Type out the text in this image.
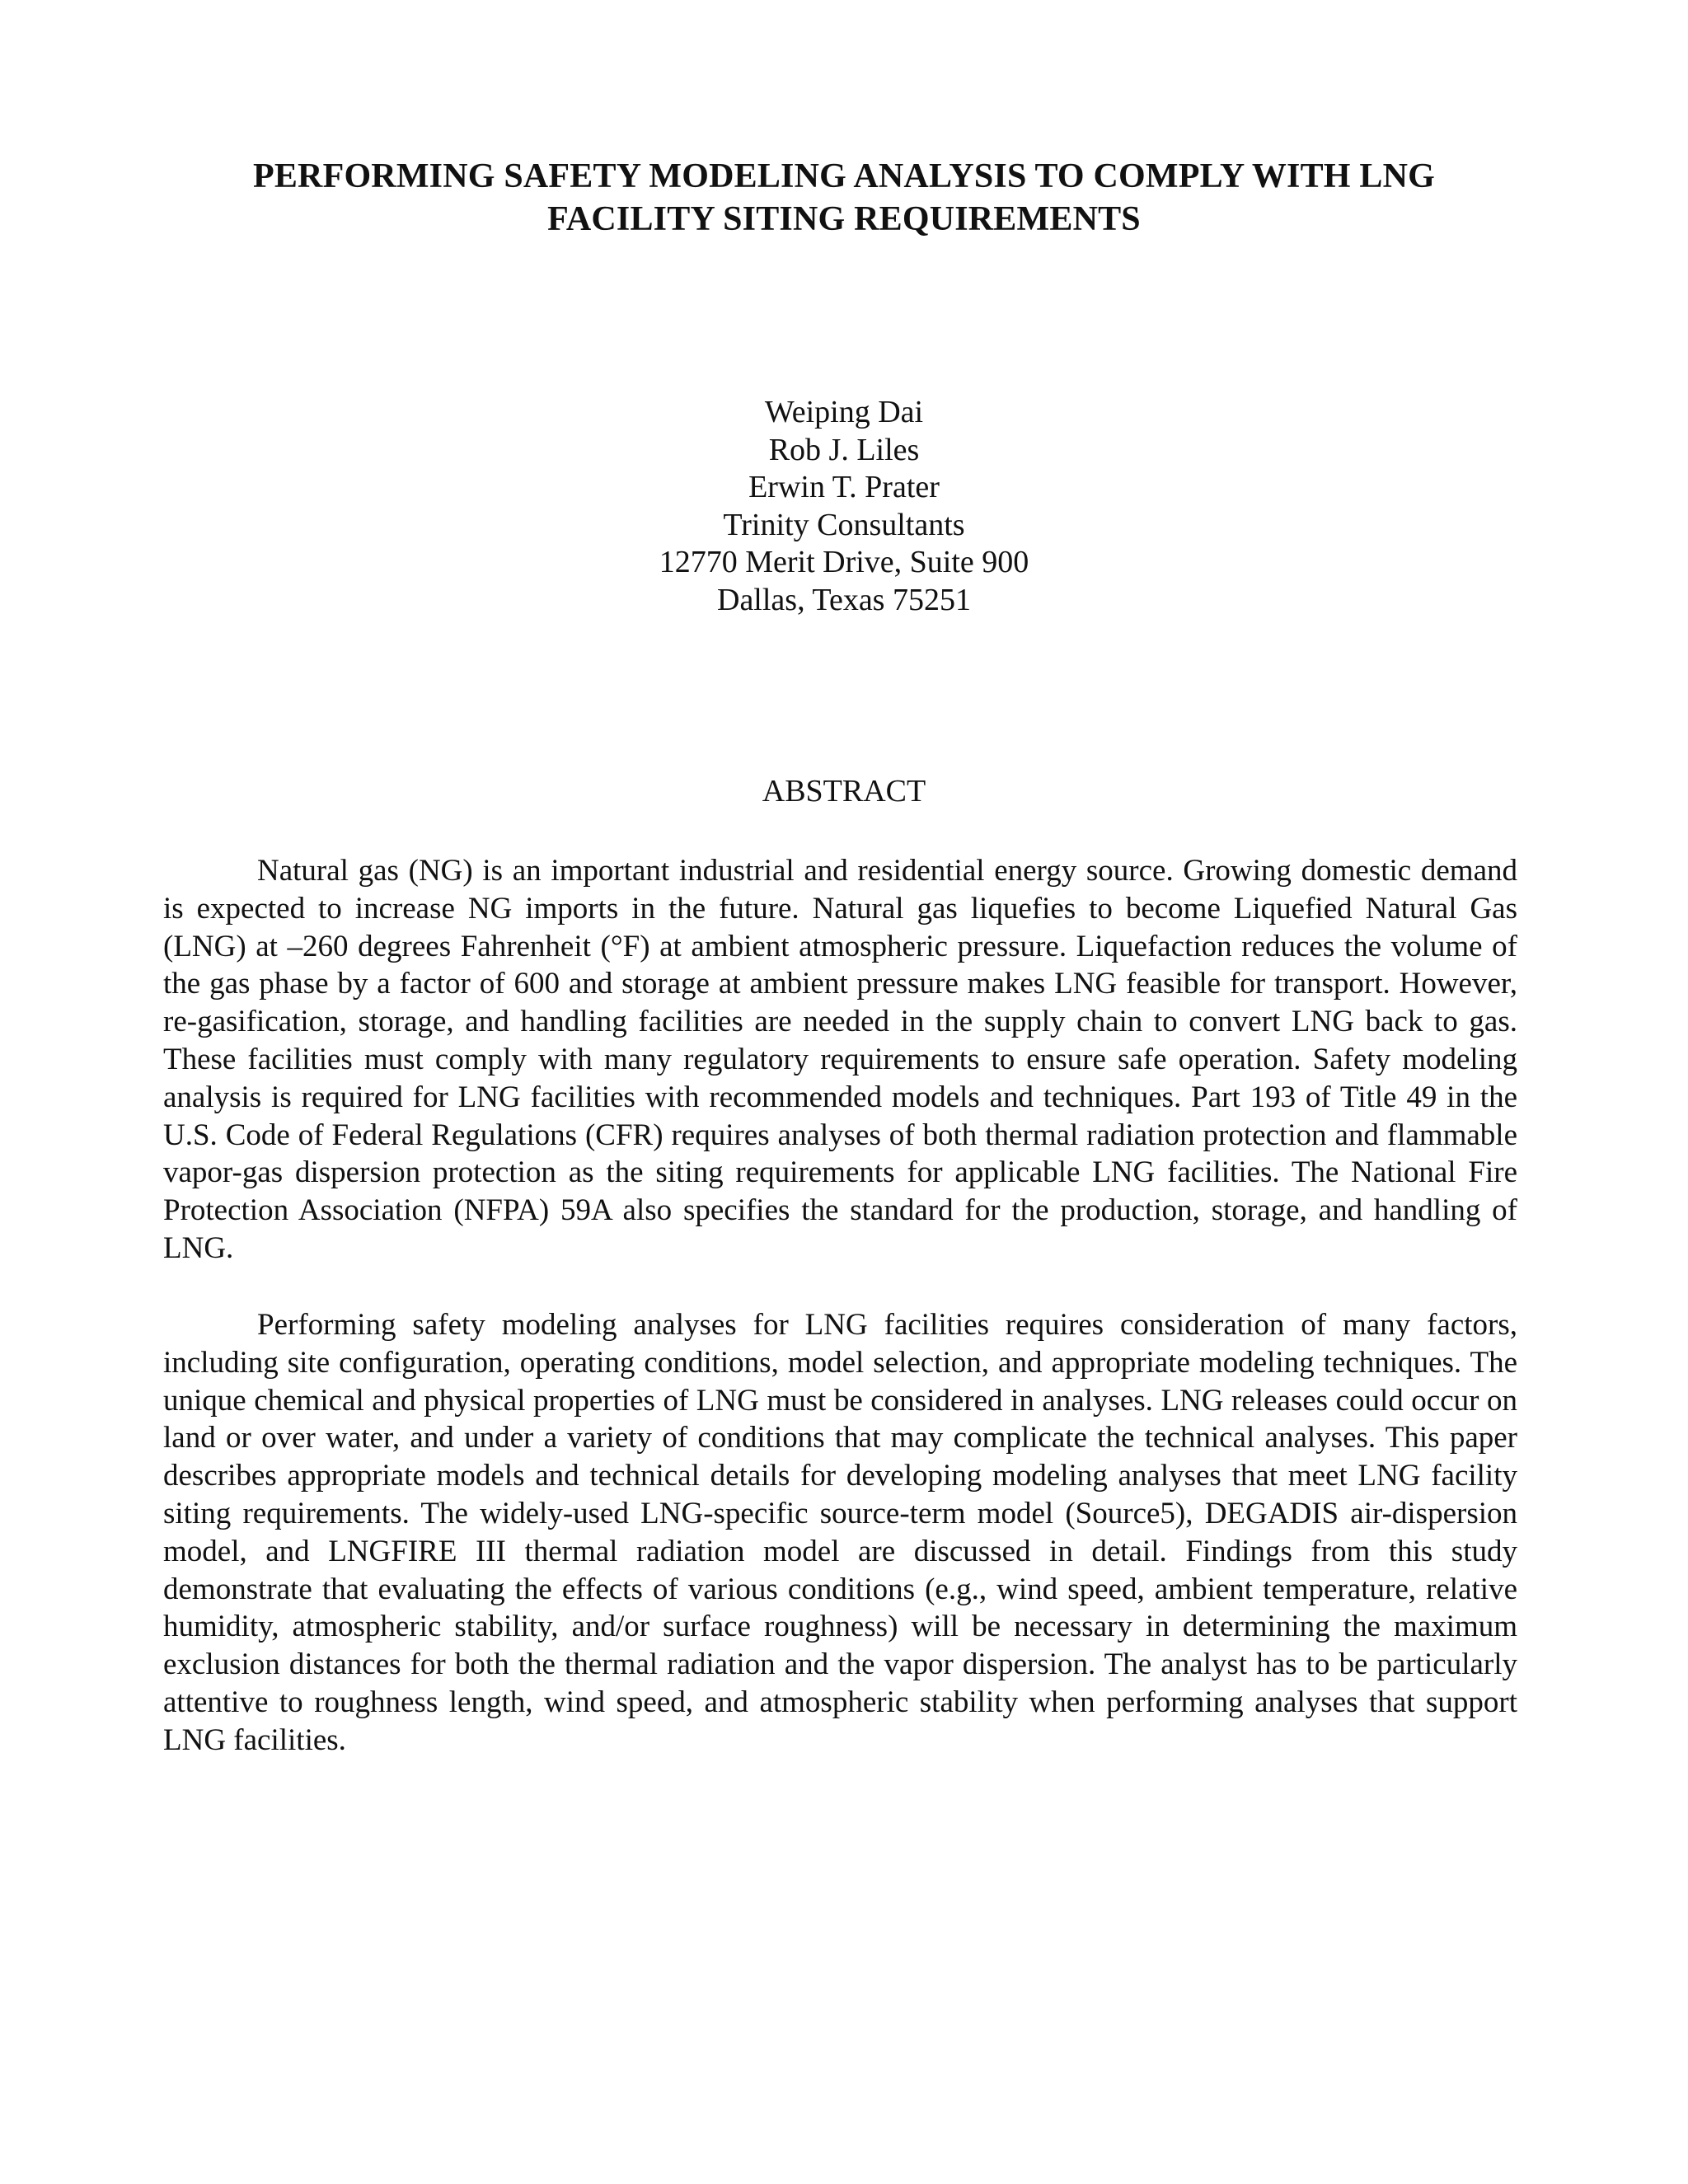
PERFORMING SAFETY MODELING ANALYSIS TO COMPLY WITH LNG
FACILITY SITING REQUIREMENTS
Weiping Dai
Rob J. Liles
Erwin T. Prater
Trinity Consultants
12770 Merit Drive, Suite 900
Dallas, Texas 75251
ABSTRACT

Natural gas (NG) is an important industrial and residential energy source. Growing domestic demand is expected to increase NG imports in the future. Natural gas liquefies to become Liquefied Natural Gas (LNG) at –260 degrees Fahrenheit (°F) at ambient atmospheric pressure. Liquefaction reduces the volume of the gas phase by a factor of 600 and storage at ambient pressure makes LNG feasible for transport. However, re-gasification, storage, and handling facilities are needed in the supply chain to convert LNG back to gas. These facilities must comply with many regulatory requirements to ensure safe operation. Safety modeling analysis is required for LNG facilities with recommended models and techniques. Part 193 of Title 49 in the U.S. Code of Federal Regulations (CFR) requires analyses of both thermal radiation protection and flammable vapor-gas dispersion protection as the siting requirements for applicable LNG facilities. The National Fire Protection Association (NFPA) 59A also specifies the standard for the production, storage, and handling of LNG.

Performing safety modeling analyses for LNG facilities requires consideration of many factors, including site configuration, operating conditions, model selection, and appropriate modeling techniques. The unique chemical and physical properties of LNG must be considered in analyses. LNG releases could occur on land or over water, and under a variety of conditions that may complicate the technical analyses. This paper describes appropriate models and technical details for developing modeling analyses that meet LNG facility siting requirements. The widely-used LNG-specific source-term model (Source5), DEGADIS air-dispersion model, and LNGFIRE III thermal radiation model are discussed in detail. Findings from this study demonstrate that evaluating the effects of various conditions (e.g., wind speed, ambient temperature, relative humidity, atmospheric stability, and/or surface roughness) will be necessary in determining the maximum exclusion distances for both the thermal radiation and the vapor dispersion. The analyst has to be particularly attentive to roughness length, wind speed, and atmospheric stability when performing analyses that support LNG facilities.
